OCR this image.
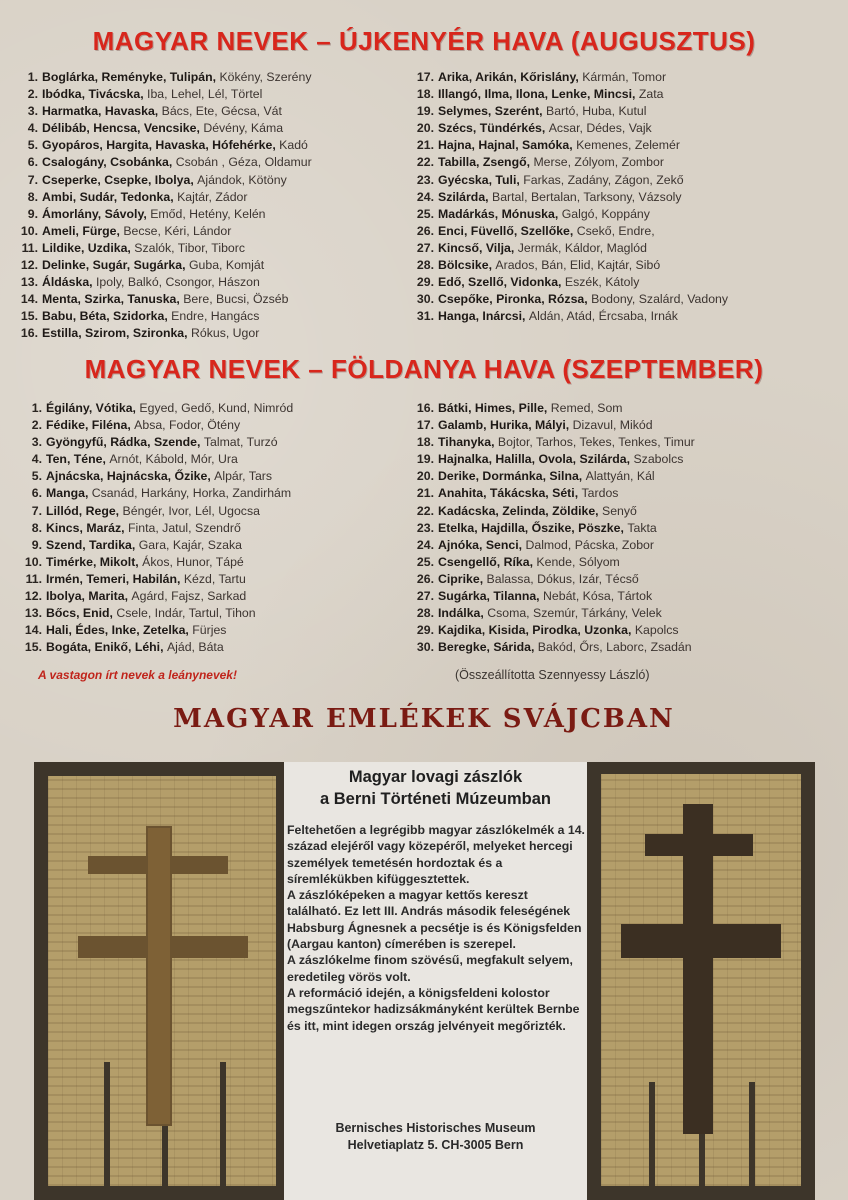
MAGYAR NEVEK – ÚJKENYÉR HAVA (AUGUSZTUS)
1. Boglárka, Reményke, Tulipán, Kökény, Szerény
2. Ibódka, Tivácska, Iba, Lehel, Lél, Törtel
3. Harmatka, Havaska, Bács, Ete, Gécsa, Vát
4. Délibáb, Hencsa, Vencsike, Dévény, Káma
5. Gyopáros, Hargita, Havaska, Hófehérke, Kadó
6. Csalogány, Csobánka, Csobán , Géza, Oldamur
7. Cseperke, Csepke, Ibolya, Ajándok, Kötöny
8. Ambi, Sudár, Tedonka, Kajtár, Zádor
9. Ámorlány, Sávoly, Emőd, Hetény, Kelén
10. Ameli, Fürge, Becse, Kéri, Lándor
11. Lildike, Uzdika, Szalók, Tibor, Tiborc
12. Delinke, Sugár, Sugárka, Guba, Komját
13. Áldáska, Ipoly, Balkó, Csongor, Hászon
14. Menta, Szirka, Tanuska, Bere, Bucsi, Özséb
15. Babu, Béta, Szidorka, Endre, Hangács
16. Estilla, Szirom, Szironka, Rókus, Ugor
17. Arika, Arikán, Kőrislány, Kármán, Tomor
18. Illangó, Ilma, Ilona, Lenke, Mincsi, Zata
19. Selymes, Szerént, Bartó, Huba, Kutul
20. Szécs, Tündérkés, Acsar, Dédes, Vajk
21. Hajna, Hajnal, Samóka, Kemenes, Zelemér
22. Tabilla, Zsengő, Merse, Zólyom, Zombor
23. Gyécska, Tuli, Farkas, Zadány, Zágon, Zekő
24. Szilárda, Bartal, Bertalan, Tarksony, Vázsoly
25. Madárkás, Mónuska, Galgó, Koppány
26. Enci, Füvellő, Szellőke, Csekő, Endre,
27. Kincső, Vilja, Jermák, Káldor, Maglód
28. Bölcsike, Arados, Bán, Elid, Kajtár, Sibó
29. Edő, Szellő, Vidonka, Eszék, Kátoly
30. Csepőke, Pironka, Rózsa, Bodony, Szalárd, Vadony
31. Hanga, Inárcsi, Aldán, Atád, Ércsaba, Irnák
MAGYAR NEVEK – FÖLDANYA HAVA (SZEPTEMBER)
1. Égilány, Vótika, Egyed, Gedő, Kund, Nimród
2. Fédike, Filéna, Absa, Fodor, Ötény
3. Gyöngyfű, Rádka, Szende, Talmat, Turzó
4. Ten, Téne, Arnót, Kábold, Mór, Ura
5. Ajnácska, Hajnácska, Őzike, Alpár, Tars
6. Manga, Csanád, Harkány, Horka, Zandirhám
7. Lillód, Rege, Béngér, Ivor, Lél, Ugocsa
8. Kincs, Maráz, Finta, Jatul, Szendrő
9. Szend, Tardika, Gara, Kajár, Szaka
10. Timérke, Mikolt, Ákos, Hunor, Tápé
11. Irmén, Temeri, Habilán, Kézd, Tartu
12. Ibolya, Marita, Agárd, Fajsz, Sarkad
13. Bőcs, Enid, Csele, Indár, Tartul, Tihon
14. Hali, Édes, Inke, Zetelka, Fürjes
15. Bogáta, Enikő, Léhi, Ajád, Báta
16. Bátki, Himes, Pille, Remed, Som
17. Galamb, Hurika, Mályi, Dizavul, Mikód
18. Tihanyka, Bojtor, Tarhos, Tekes, Tenkes, Timur
19. Hajnalka, Halilla, Ovola, Szilárda, Szabolcs
20. Derike, Dormánka, Silna, Alattyán, Kál
21. Anahita, Tákácska, Séti, Tardos
22. Kadácska, Zelinda, Zöldike, Senyő
23. Etelka, Hajdilla, Őszike, Pöszke, Takta
24. Ajnóka, Senci, Dalmod, Pácska, Zobor
25. Csengellő, Ríka, Kende, Sólyom
26. Ciprike, Balassa, Dókus, Izár, Técső
27. Sugárka, Tilanna, Nebát, Kósa, Tártok
28. Indálka, Csoma, Szemúr, Tárkány, Velek
29. Kajdika, Kisida, Pirodka, Uzonka, Kapolcs
30. Beregke, Sárida, Bakód, Őrs, Laborc, Zsadán

A vastagon írt nevek a leánynevek!	(Összeállította Szennyessy László)

MAGYAR EMLÉKEK SVÁJCBAN
Magyar lovagi zászlók
a Berni Történeti Múzeumban

Feltehetően a legrégibb magyar zászlókelmék a 14. század elejéről vagy közepéről, melyeket hercegi személyek temetésén hordoztak és a síremlékükben kifüggesztettek.

A zászlóképeken a magyar kettős kereszt található. Ez lett III. András második feleségének Habsburg Ágnesnek a pecsétje is és Königsfelden (Aargau kanton) címerében is szerepel.

A zászlókelme finom szövésű, megfakult selyem, eredetileg vörös volt.

A reformáció idején, a königsfeldeni kolostor megszűntekor hadizsákmányként kerültek Bernbe és itt, mint idegen ország jelvényeit megőrizték.

Bernisches Historisches Museum
Helvetiaplatz 5. CH-3005 Bern
